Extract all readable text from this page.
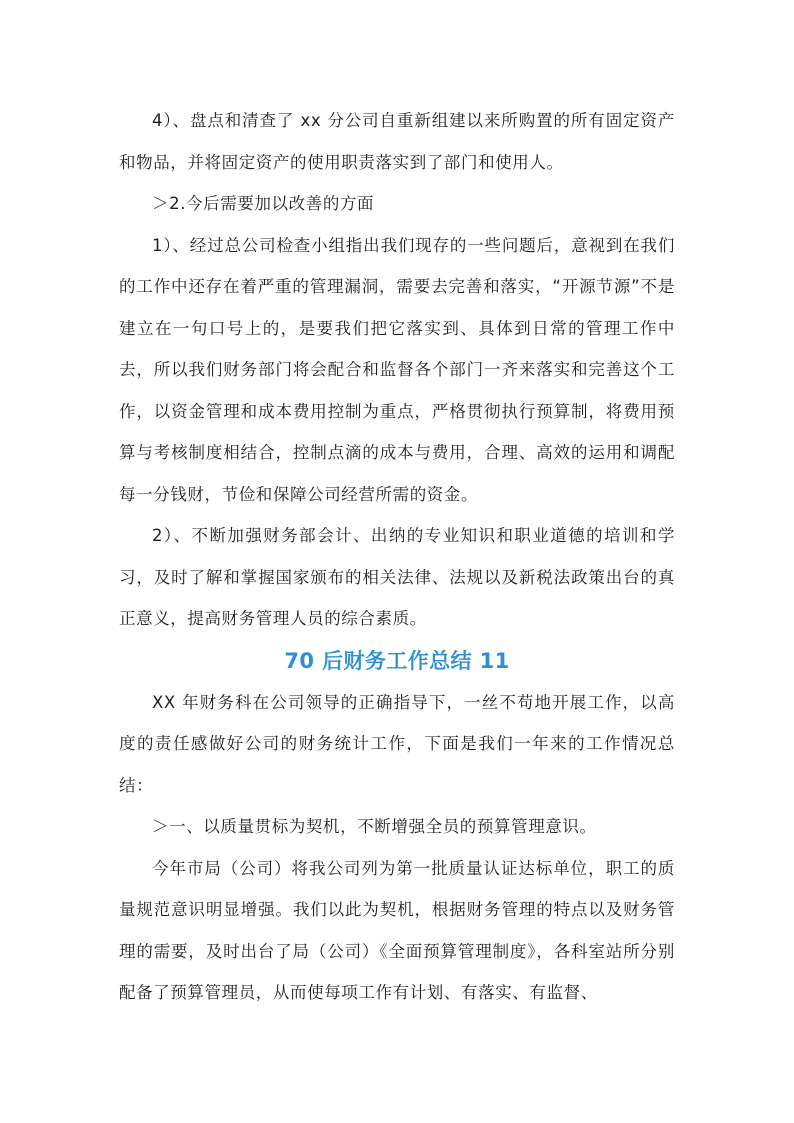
4）、盘点和清查了 xx 分公司自重新组建以来所购置的所有固定资产和物品，并将固定资产的使用职责落实到了部门和使用人。

＞2.今后需要加以改善的方面

1）、经过总公司检查小组指出我们现存的一些问题后，意视到在我们的工作中还存在着严重的管理漏洞，需要去完善和落实，“开源节源”不是建立在一句口号上的，是要我们把它落实到、具体到日常的管理工作中去，所以我们财务部门将会配合和监督各个部门一齐来落实和完善这个工作，以资金管理和成本费用控制为重点，严格贯彻执行预算制，将费用预算与考核制度相结合，控制点滴的成本与费用，合理、高效的运用和调配每一分钱财，节俭和保障公司经营所需的资金。

2）、不断加强财务部会计、出纳的专业知识和职业道德的培训和学习，及时了解和掌握国家颁布的相关法律、法规以及新税法政策出台的真正意义，提高财务管理人员的综合素质。

70 后财务工作总结 11

XX 年财务科在公司领导的正确指导下，一丝不苟地开展工作，以高度的责任感做好公司的财务统计工作，下面是我们一年来的工作情况总结：

＞一、以质量贯标为契机，不断增强全员的预算管理意识。

今年市局（公司）将我公司列为第一批质量认证达标单位，职工的质量规范意识明显增强。我们以此为契机，根据财务管理的特点以及财务管理的需要，及时出台了局（公司）《全面预算管理制度》，各科室站所分别配备了预算管理员，从而使每项工作有计划、有落实、有监督、
